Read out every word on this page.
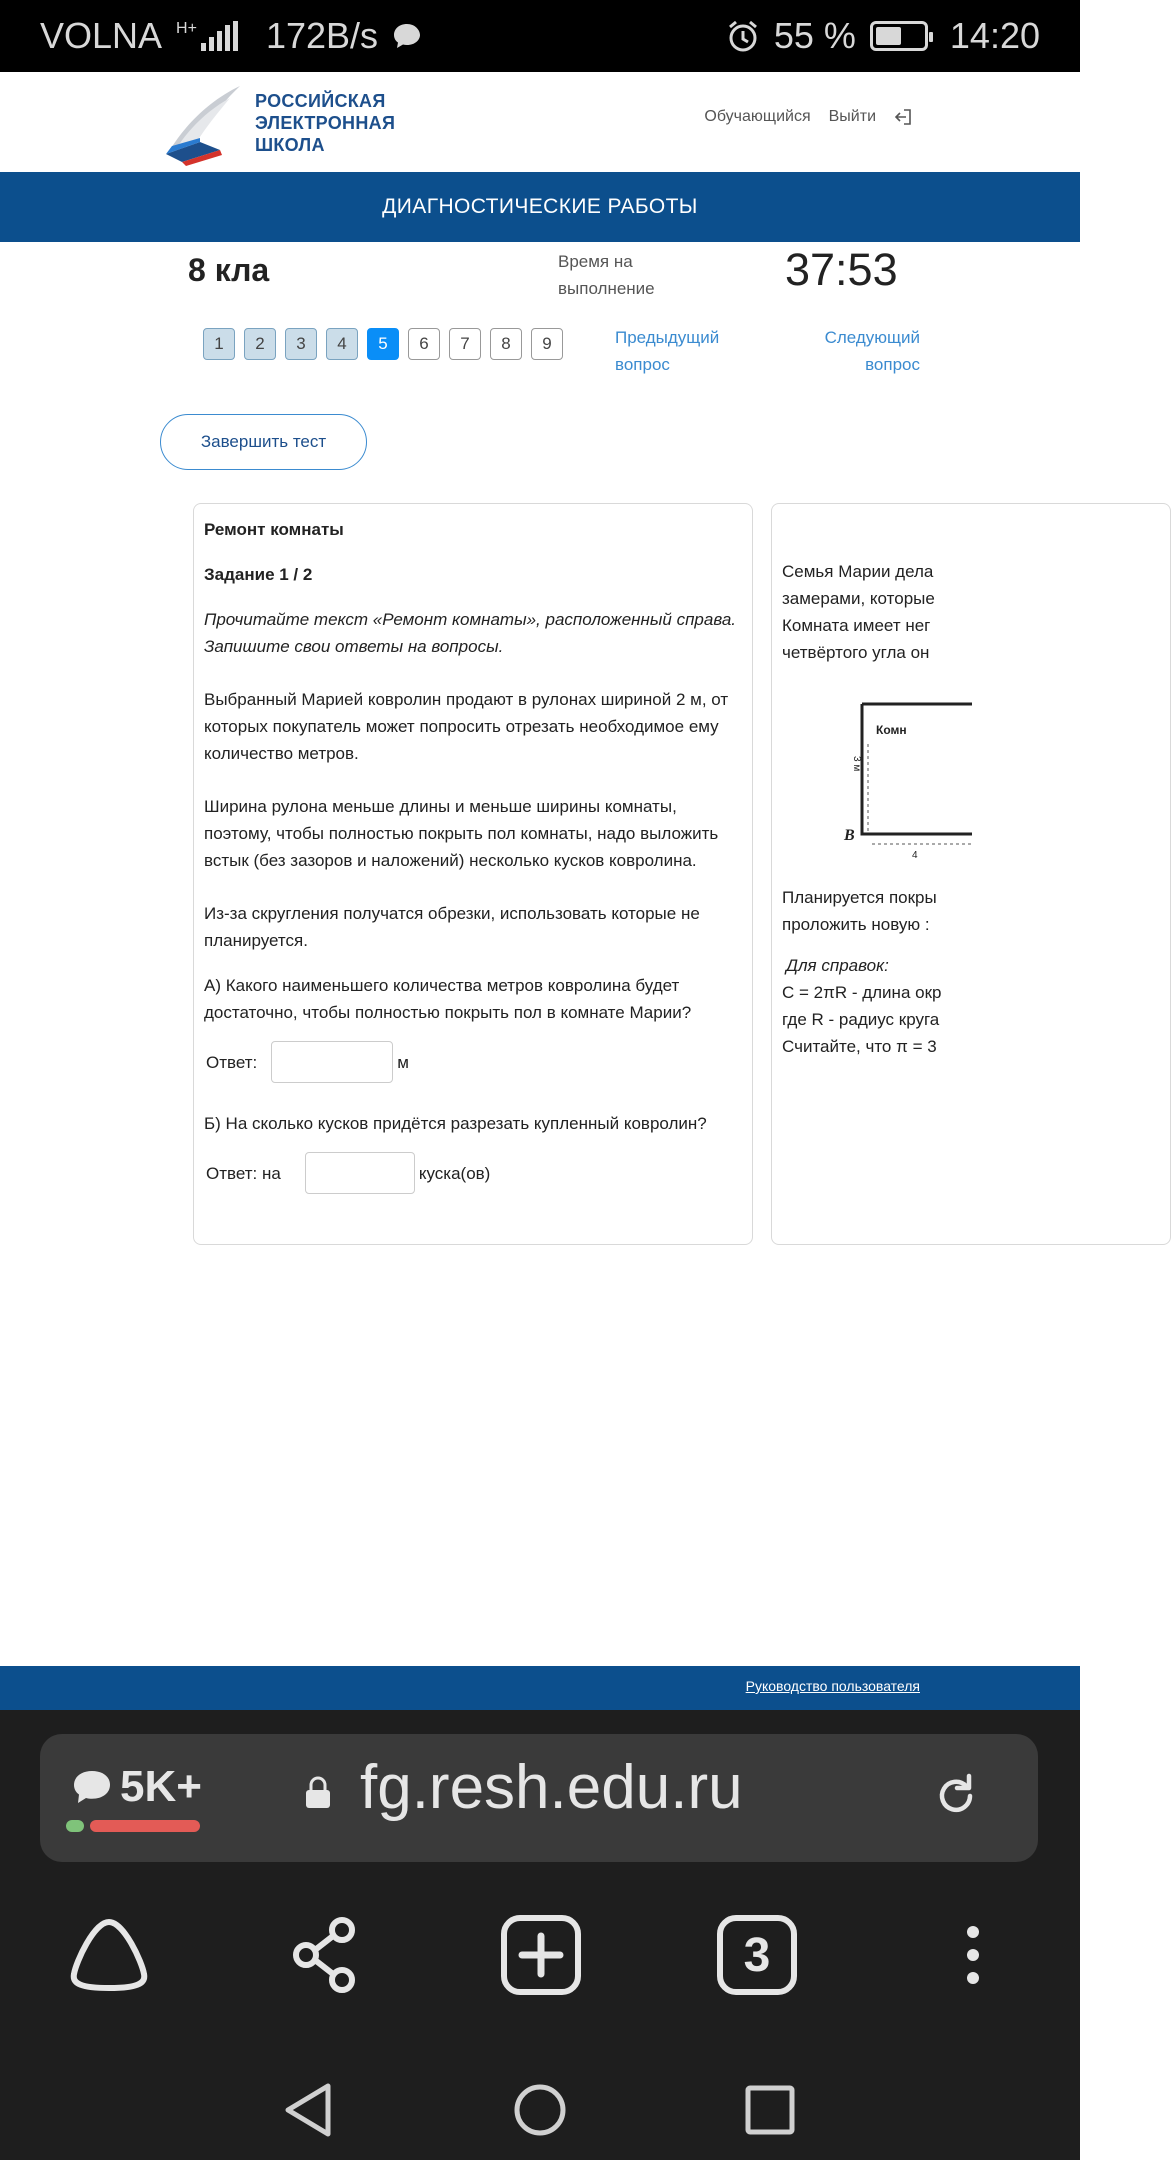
VOLNA H+ 172B/s	55 %	14:20
РОССИЙСКАЯ
ЭЛЕКТРОННАЯ
ШКОЛА
Обучающийся Выйти
ДИАГНОСТИЧЕСКИЕ РАБОТЫ
8 кла	Время на
выполнение	37:53
1	2	3	4	5	6	7	8	9	Предыдущий
вопрос
Следующий
вопрос
Завершить тест
Ремонт комнаты
Задание 1 / 2
Прочитайте текст «Ремонт комнаты», расположенный справа. Запишите свои ответы на вопросы.

Выбранный Марией ковролин продают в рулонах шириной 2 м, от которых покупатель может попросить отрезать необходимое ему количество метров.

Ширина рулона меньше длины и меньше ширины комнаты, поэтому, чтобы полностью покрыть пол комнаты, надо выложить встык (без зазоров и наложений) несколько кусков ковролина.

Из-за скругления получатся обрезки, использовать которые не планируется.

А) Какого наименьшего количества метров ковролина будет достаточно, чтобы полностью покрыть пол в комнате Марии?

Ответ:	м

Б) На сколько кусков придётся разрезать купленный ковролин?

Ответ: на	куска(ов)
Семья Марии дела
замерами, которые
Комната имеет нег
четвёртого угла он
Комн
3 м
B
4
Планируется покры
проложить новую :
Для справок:
C = 2πR - длина окр
где R - радиус круга
Считайте, что π = 3
Руководство пользователя
5K+	fg.resh.edu.ru
3
